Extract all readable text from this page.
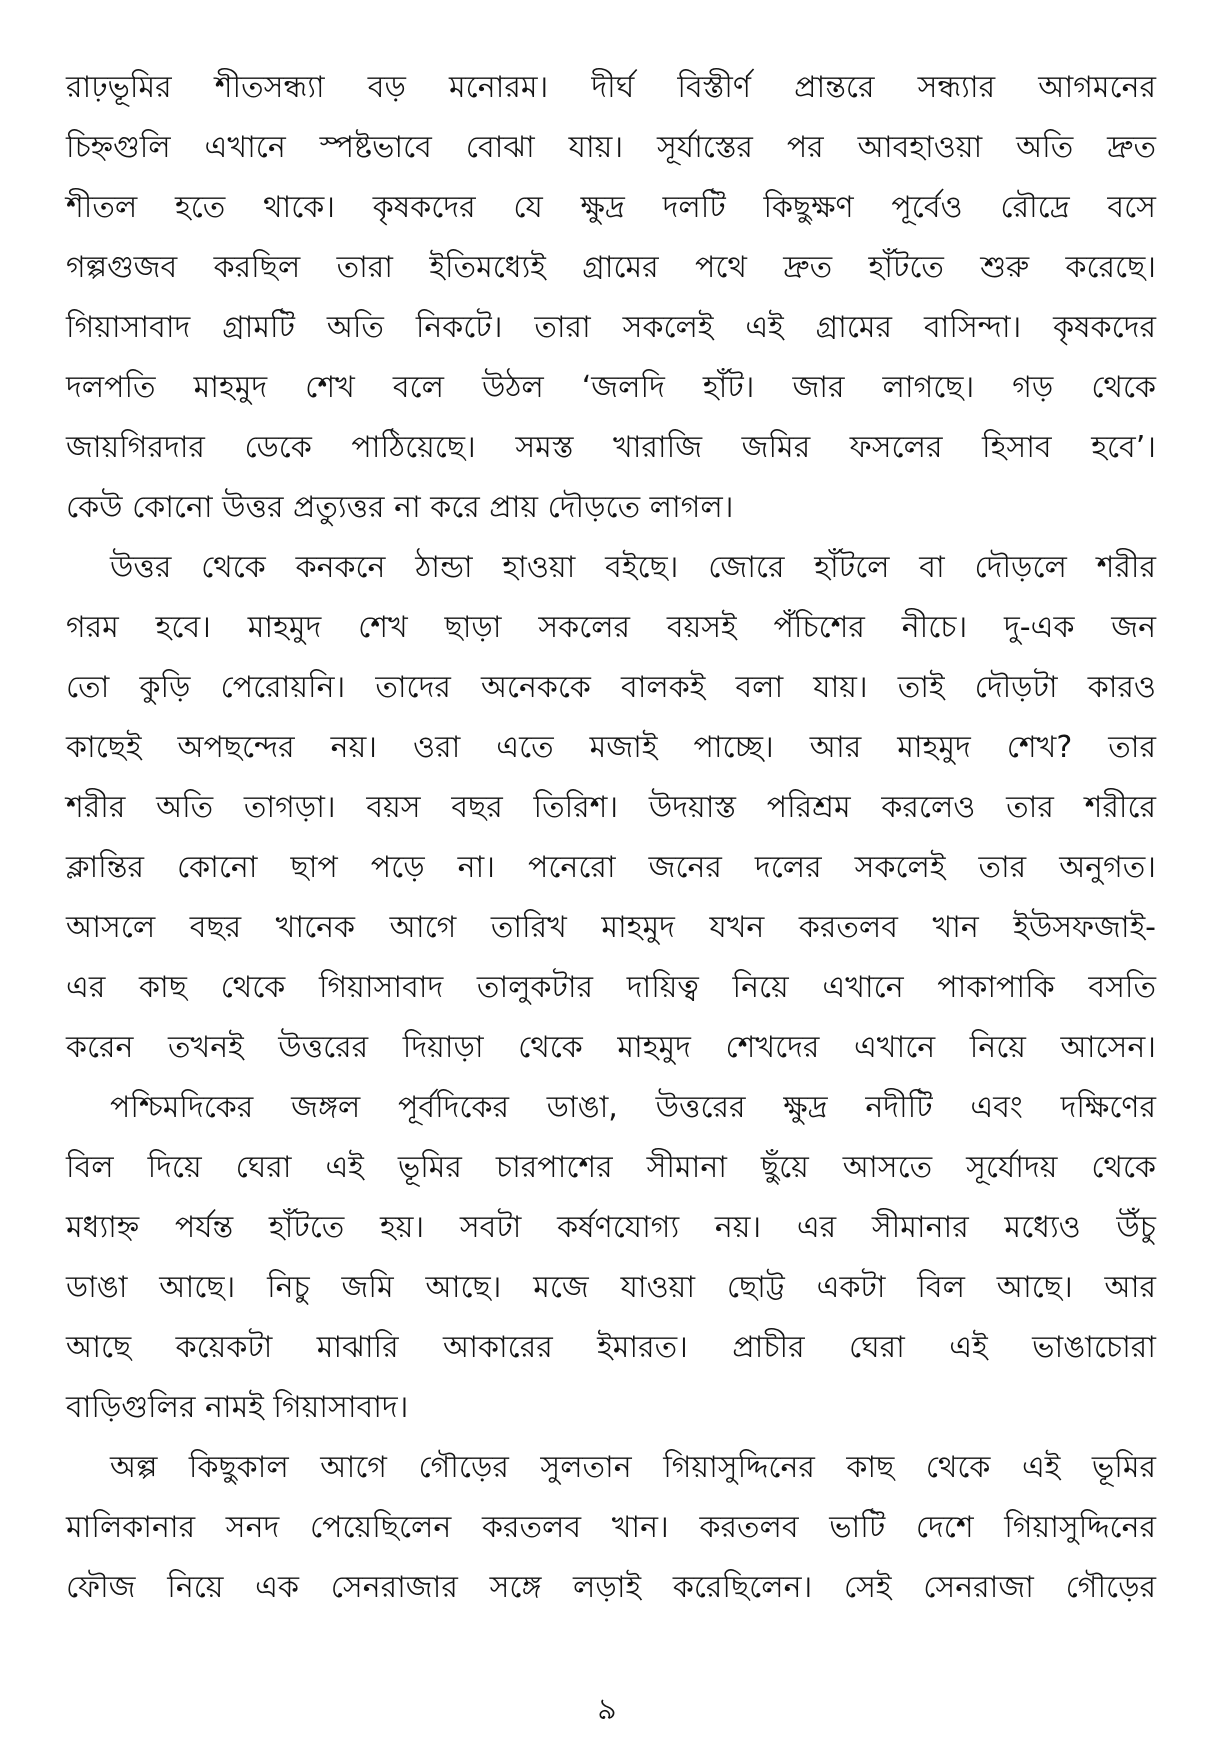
রাঢ়ভূমির শীতসন্ধ্যা বড় মনোরম। দীর্ঘ বিস্তীর্ণ প্রান্তরে সন্ধ্যার আগমনের
চিহ্নগুলি এখানে স্পষ্টভাবে বোঝা যায়। সূর্যাস্তের পর আবহাওয়া অতি দ্রুত
শীতল হতে থাকে। কৃষকদের যে ক্ষুদ্র দলটি কিছুক্ষণ পূর্বেও রৌদ্রে বসে
গল্পগুজব করছিল তারা ইতিমধ্যেই গ্রামের পথে দ্রুত হাঁটতে শুরু করেছে।
গিয়াসাবাদ গ্রামটি অতি নিকটে। তারা সকলেই এই গ্রামের বাসিন্দা। কৃষকদের
দলপতি মাহমুদ শেখ বলে উঠল ‘জলদি হাঁট। জার লাগছে। গড় থেকে
জায়গিরদার ডেকে পাঠিয়েছে। সমস্ত খারাজি জমির ফসলের হিসাব হবে’।
কেউ কোনো উত্তর প্রত্যুত্তর না করে প্রায় দৌড়তে লাগল।
উত্তর থেকে কনকনে ঠান্ডা হাওয়া বইছে। জোরে হাঁটলে বা দৌড়লে শরীর
গরম হবে। মাহমুদ শেখ ছাড়া সকলের বয়সই পঁচিশের নীচে। দু-এক জন
তো কুড়ি পেরোয়নি। তাদের অনেককে বালকই বলা যায়। তাই দৌড়টা কারও
কাছেই অপছন্দের নয়। ওরা এতে মজাই পাচ্ছে। আর মাহমুদ শেখ? তার
শরীর অতি তাগড়া। বয়স বছর তিরিশ। উদয়াস্ত পরিশ্রম করলেও তার শরীরে
ক্লান্তির কোনো ছাপ পড়ে না। পনেরো জনের দলের সকলেই তার অনুগত।
আসলে বছর খানেক আগে তারিখ মাহমুদ যখন করতলব খান ইউসফজাই-
এর কাছ থেকে গিয়াসাবাদ তালুকটার দায়িত্ব নিয়ে এখানে পাকাপাকি বসতি
করেন তখনই উত্তরের দিয়াড়া থেকে মাহমুদ শেখদের এখানে নিয়ে আসেন।
পশ্চিমদিকের জঙ্গল পূর্বদিকের ডাঙা, উত্তরের ক্ষুদ্র নদীটি এবং দক্ষিণের
বিল দিয়ে ঘেরা এই ভূমির চারপাশের সীমানা ছুঁয়ে আসতে সূর্যোদয় থেকে
মধ্যাহ্ন পর্যন্ত হাঁটতে হয়। সবটা কর্ষণযোগ্য নয়। এর সীমানার মধ্যেও উঁচু
ডাঙা আছে। নিচু জমি আছে। মজে যাওয়া ছোট্ট একটা বিল আছে। আর
আছে কয়েকটা মাঝারি আকারের ইমারত। প্রাচীর ঘেরা এই ভাঙাচোরা
বাড়িগুলির নামই গিয়াসাবাদ।
অল্প কিছুকাল আগে গৌড়ের সুলতান গিয়াসুদ্দিনের কাছ থেকে এই ভূমির
মালিকানার সনদ পেয়েছিলেন করতলব খান। করতলব ভাটি দেশে গিয়াসুদ্দিনের
ফৌজ নিয়ে এক সেনরাজার সঙ্গে লড়াই করেছিলেন। সেই সেনরাজা গৌড়ের
৯
